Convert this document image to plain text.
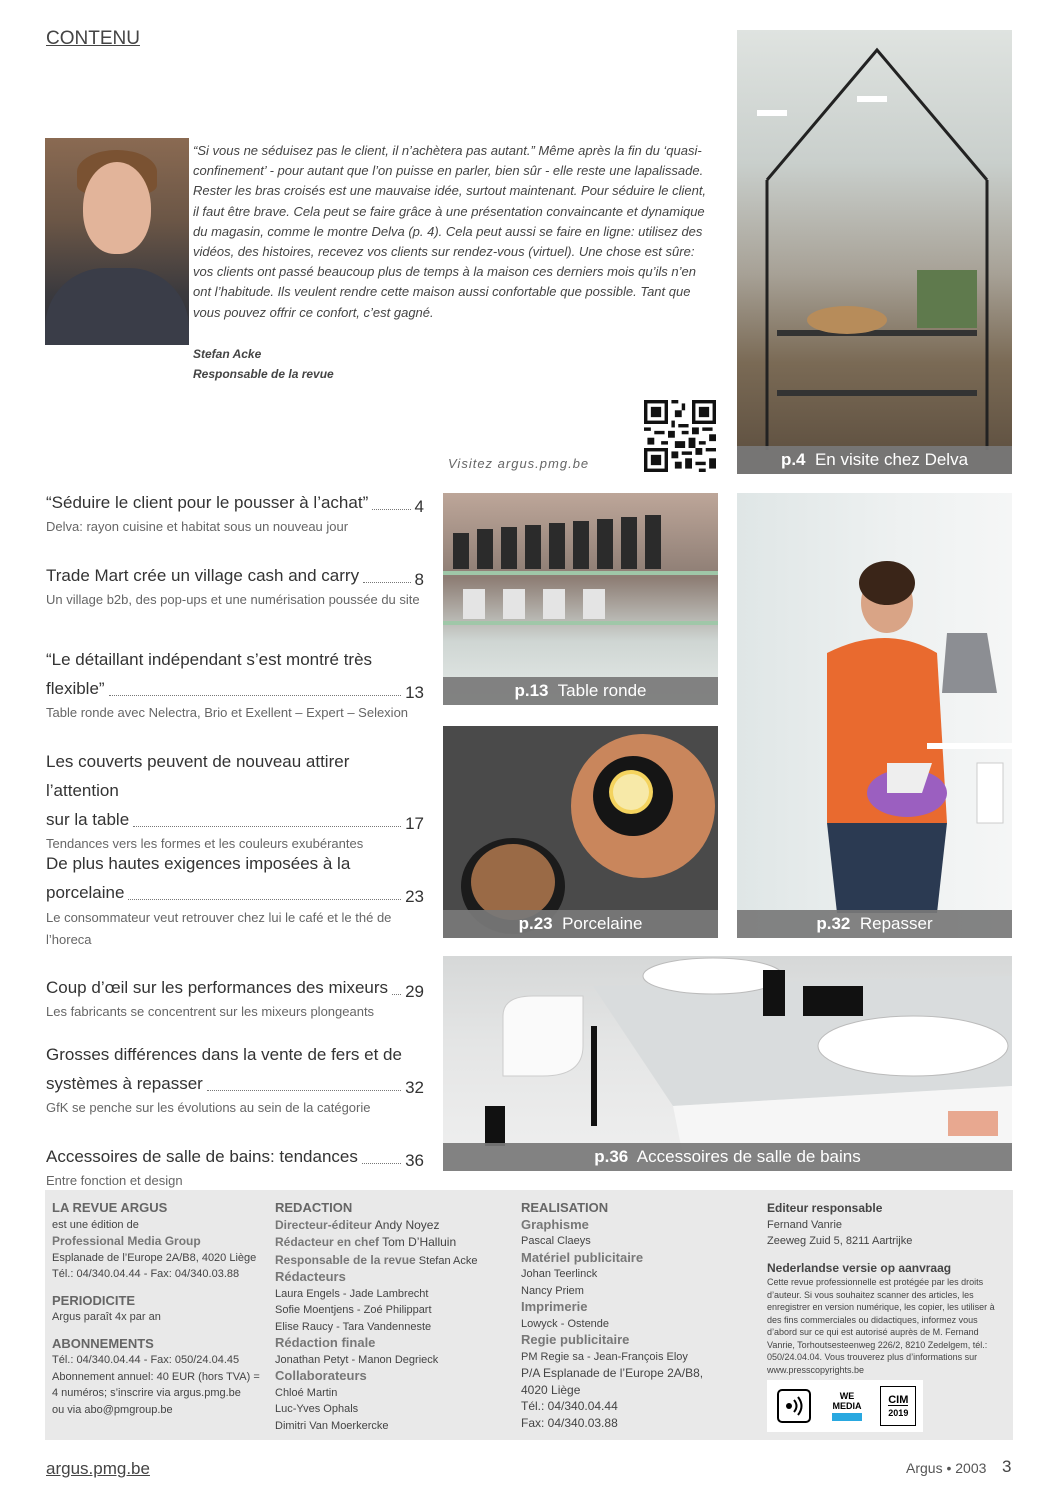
CONTENU
“Si vous ne séduisez pas le client, il n’achètera pas autant.” Même après la fin du ‘quasi-confinement’ - pour autant que l’on puisse en parler, bien sûr - elle reste une lapalissade. Rester les bras croisés est une mauvaise idée, surtout maintenant. Pour séduire le client, il faut être brave. Cela peut se faire grâce à une présentation convaincante et dynamique du magasin, comme le montre Delva (p. 4). Cela peut aussi se faire en ligne: utilisez des vidéos, des histoires, recevez vos clients sur rendez-vous (virtuel). Une chose est sûre: vos clients ont passé beaucoup plus de temps à la maison ces derniers mois qu’ils n’en ont l’habitude. Ils veulent rendre cette maison aussi confortable que possible. Tant que vous pouvez offrir ce confort, c’est gagné.
Stefan Acke
Responsable de la revue
Visitez argus.pmg.be	p.4 En visite chez Delva
p.13 Table ronde
p.23 Porcelaine	p.32 Repasser
p.36 Accessoires de salle de bains
“Séduire le client pour le pousser à l’achat”	4
Delva: rayon cuisine et habitat sous un nouveau jour
Trade Mart crée un village cash and carry	8
Un village b2b, des pop-ups et une numérisation poussée du site
“Le détaillant indépendant s’est montré très
flexible”	13
Table ronde avec Nelectra, Brio et Exellent – Expert – Selexion
Les couverts peuvent de nouveau attirer l’attention
sur la table	17
Tendances vers les formes et les couleurs exubérantes
De plus hautes exigences imposées à la
porcelaine	23
Le consommateur veut retrouver chez lui le café et le thé de l’horeca
Coup d’œil sur les performances des mixeurs 29
Les fabricants se concentrent sur les mixeurs plongeants
Grosses différences dans la vente de fers et de
systèmes à repasser	32
GfK se penche sur les évolutions au sein de la catégorie
Accessoires de salle de bains: tendances	36
Entre fonction et design
LA REVUE ARGUS
est une édition de
Professional Media Group
Esplanade de l’Europe 2A/B8, 4020 Liège
Tél.: 04/340.04.44 - Fax: 04/340.03.88
PERIODICITE
Argus paraît 4x par an
ABONNEMENTS
Tél.: 04/340.04.44 - Fax: 050/24.04.45
Abonnement annuel: 40 EUR (hors TVA) =
4 numéros; s’inscrire via argus.pmg.be
ou via abo@pmgroup.be
REDACTION
Directeur-éditeur Andy Noyez
Rédacteur en chef Tom D’Halluin
Responsable de la revue Stefan Acke
Rédacteurs
Laura Engels - Jade Lambrecht
Sofie Moentjens - Zoé Philippart
Elise Raucy - Tara Vandenneste
Rédaction finale
Jonathan Petyt - Manon Degrieck
Collaborateurs
Chloé Martin
Luc-Yves Ophals
Dimitri Van Moerkercke
REALISATION
Graphisme
Pascal Claeys
Matériel publicitaire
Johan Teerlinck
Nancy Priem
Imprimerie
Lowyck - Ostende
Regie publicitaire
PM Regie sa - Jean-François Eloy
P/A Esplanade de l’Europe 2A/B8,
4020 Liège
Tél.: 04/340.04.44
Fax: 04/340.03.88
Editeur responsable
Fernand Vanrie
Zeeweg Zuid 5, 8211 Aartrijke
Nederlandse versie op aanvraag
Cette revue professionnelle est protégée par les droits d’auteur. Si vous souhaitez scanner des articles, les enregistrer en version numérique, les copier, les utiliser à des fins commerciales ou didactiques, informez vous d’abord sur ce qui est autorisé auprès de M. Fernand Vanrie, Torhoutsesteenweg 226/2, 8210 Zedelgem, tél.: 050/24.04.04. Vous trouverez plus d’informations sur www.presscopyrights.be
WE
MEDIA
CIM
2019
argus.pmg.be	Argus • 2003 3
